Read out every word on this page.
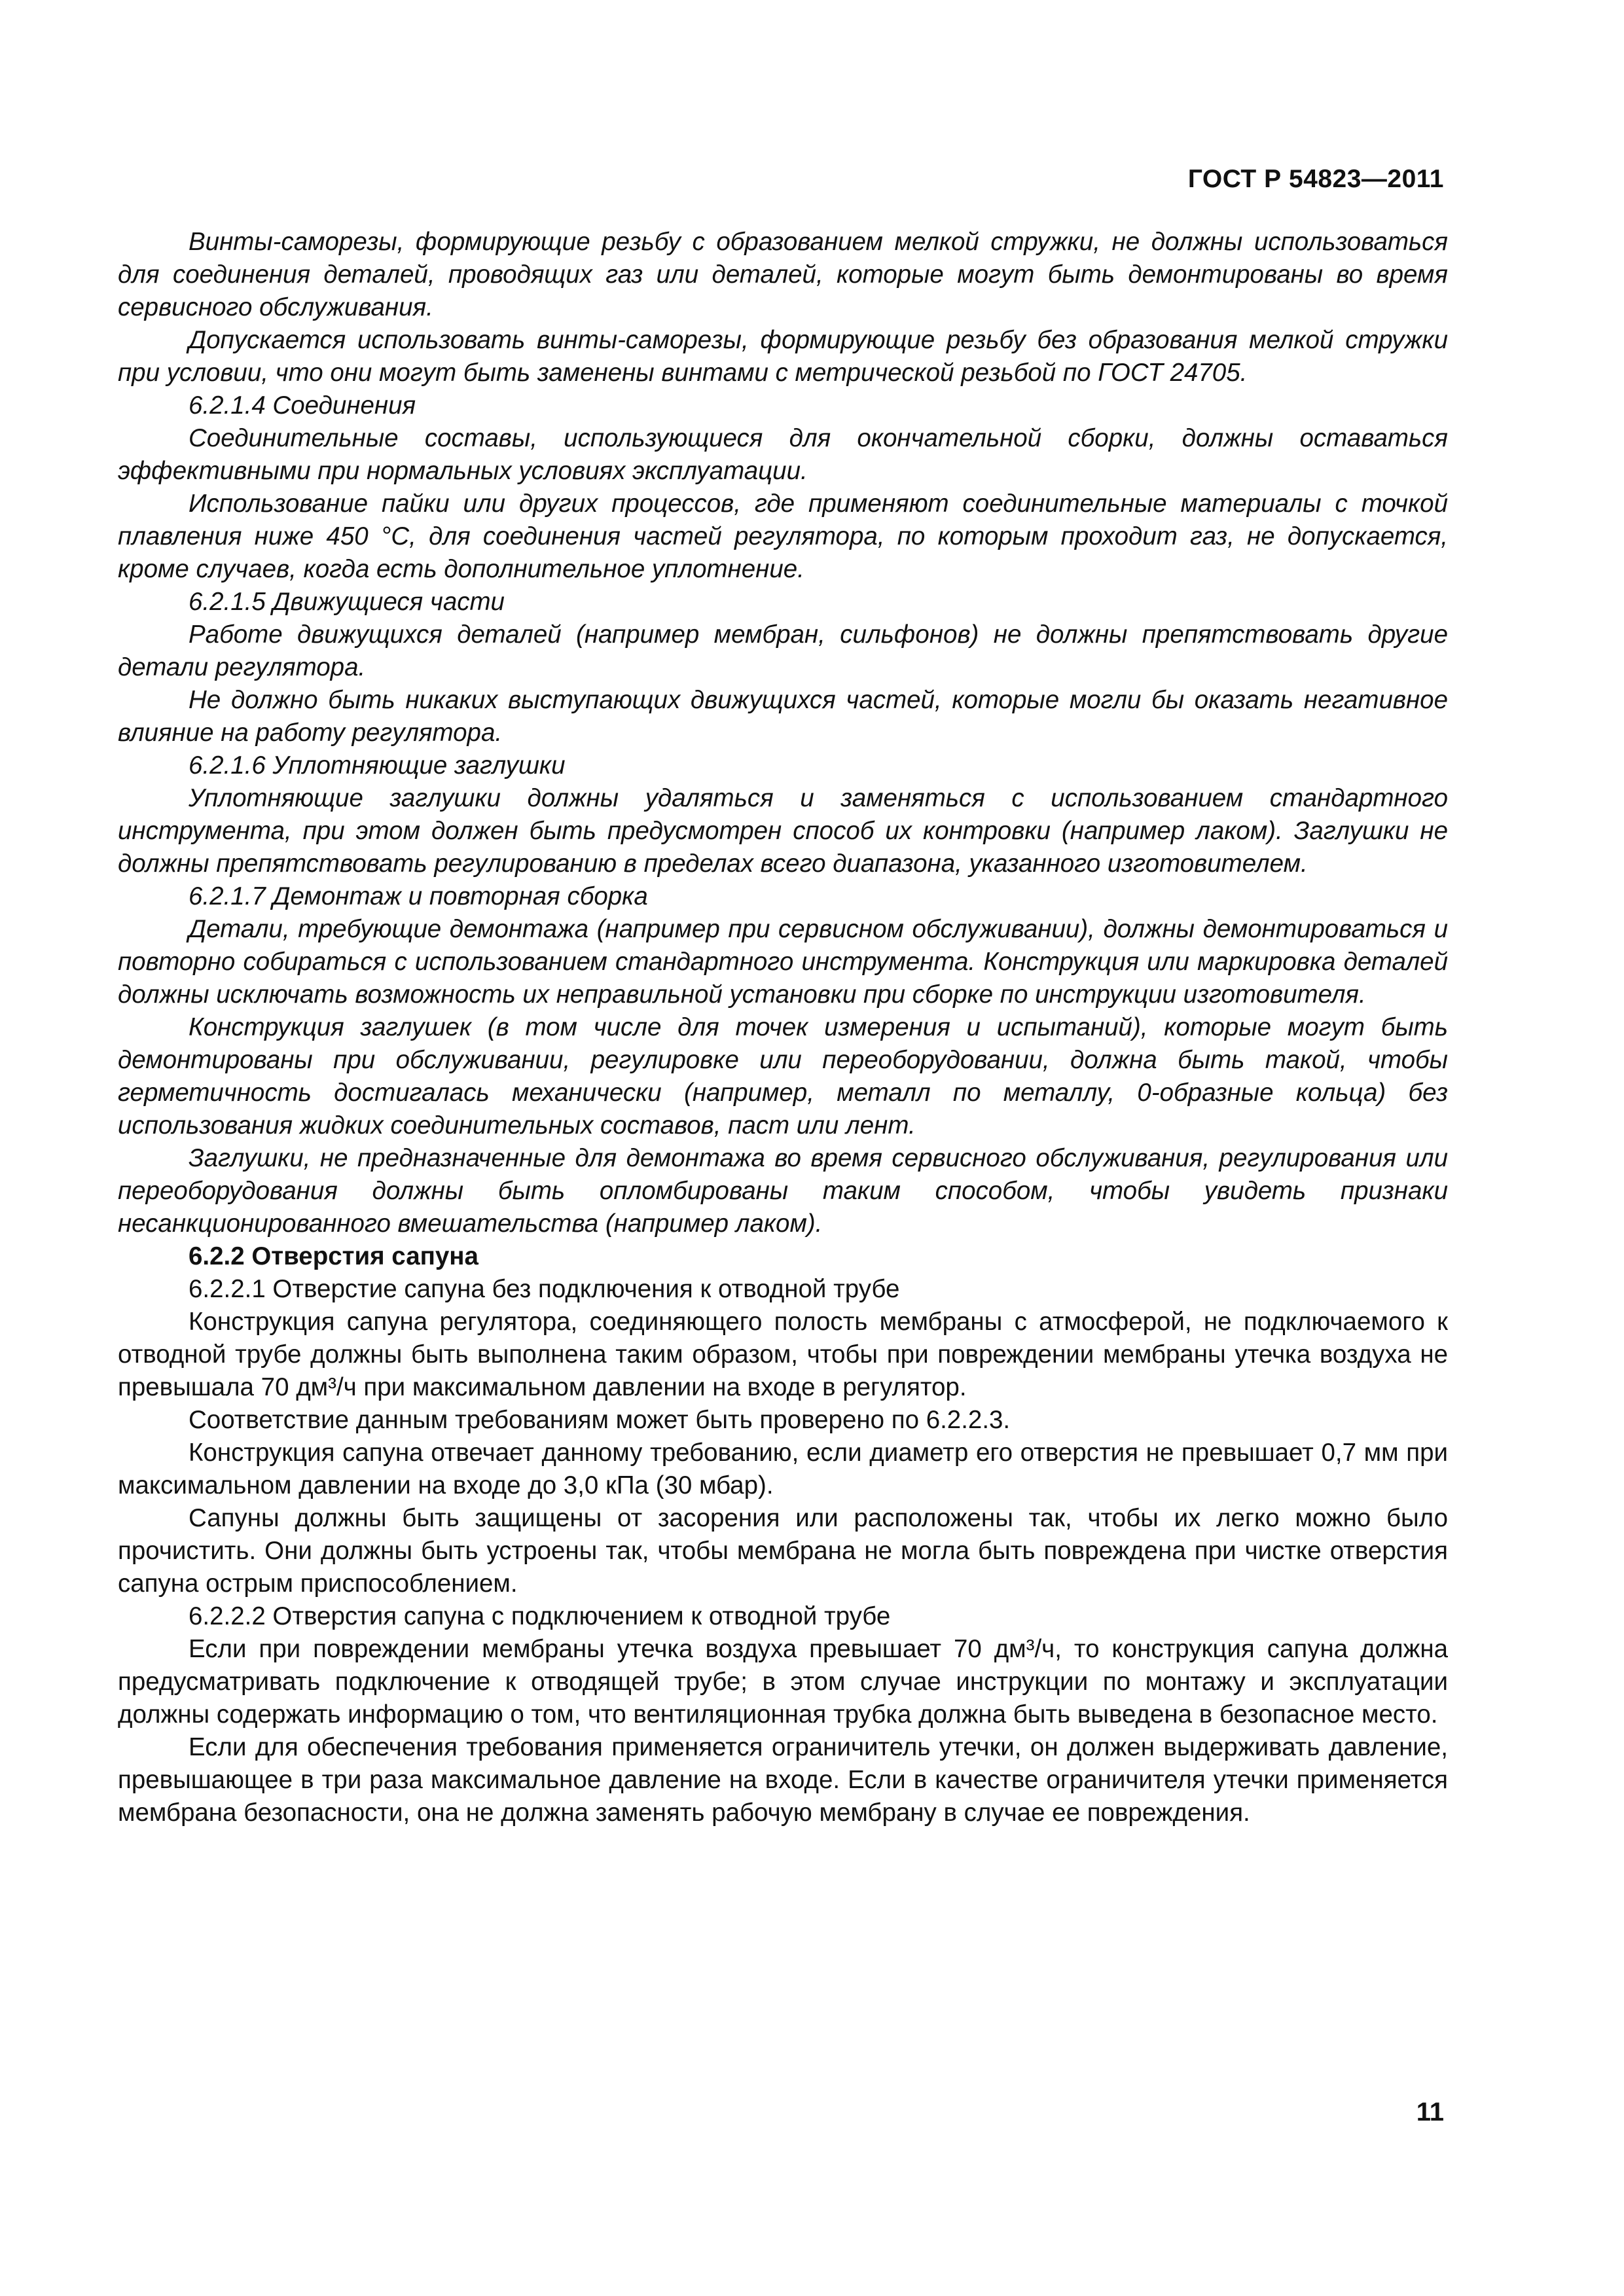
ГОСТ Р 54823—2011

Винты-саморезы, формирующие резьбу с образованием мелкой стружки, не должны использоваться для соединения деталей, проводящих газ или деталей, которые могут быть демонтированы во время сервисного обслуживания.

Допускается использовать винты-саморезы, формирующие резьбу без образования мелкой стружки при условии, что они могут быть заменены винтами с метрической резьбой по ГОСТ 24705.

6.2.1.4 Соединения

Соединительные составы, использующиеся для окончательной сборки, должны оставаться эффективными при нормальных условиях эксплуатации.

Использование пайки или других процессов, где применяют соединительные материалы с точкой плавления ниже 450 °С, для соединения частей регулятора, по которым проходит газ, не допускается, кроме случаев, когда есть дополнительное уплотнение.

6.2.1.5 Движущиеся части

Работе движущихся деталей (например мембран, сильфонов) не должны препятствовать другие детали регулятора.

Не должно быть никаких выступающих движущихся частей, которые могли бы оказать негативное влияние на работу регулятора.

6.2.1.6 Уплотняющие заглушки

Уплотняющие заглушки должны удаляться и заменяться с использованием стандартного инструмента, при этом должен быть предусмотрен способ их контровки (например лаком). Заглушки не должны препятствовать регулированию в пределах всего диапазона, указанного изготовителем.

6.2.1.7 Демонтаж и повторная сборка

Детали, требующие демонтажа (например при сервисном обслуживании), должны демонтироваться и повторно собираться с использованием стандартного инструмента. Конструкция или маркировка деталей должны исключать возможность их неправильной установки при сборке по инструкции изготовителя.

Конструкция заглушек (в том числе для точек измерения и испытаний), которые могут быть демонтированы при обслуживании, регулировке или переоборудовании, должна быть такой, чтобы герметичность достигалась механически (например, металл по металлу, 0-образные кольца) без использования жидких соединительных составов, паст или лент.

Заглушки, не предназначенные для демонтажа во время сервисного обслуживания, регулирования или переоборудования должны быть опломбированы таким способом, чтобы увидеть признаки несанкционированного вмешательства (например лаком).

6.2.2 Отверстия сапуна

6.2.2.1 Отверстие сапуна без подключения к отводной трубе

Конструкция сапуна регулятора, соединяющего полость мембраны с атмосферой, не подключаемого к отводной трубе должны быть выполнена таким образом, чтобы при повреждении мембраны утечка воздуха не превышала 70 дм³/ч при максимальном давлении на входе в регулятор.

Соответствие данным требованиям может быть проверено по 6.2.2.3.

Конструкция сапуна отвечает данному требованию, если диаметр его отверстия не превышает 0,7 мм при максимальном давлении на входе до 3,0 кПа (30 мбар).

Сапуны должны быть защищены от засорения или расположены так, чтобы их легко можно было прочистить. Они должны быть устроены так, чтобы мембрана не могла быть повреждена при чистке отверстия сапуна острым приспособлением.

6.2.2.2 Отверстия сапуна с подключением к отводной трубе

Если при повреждении мембраны утечка воздуха превышает 70 дм³/ч, то конструкция сапуна должна предусматривать подключение к отводящей трубе; в этом случае инструкции по монтажу и эксплуатации должны содержать информацию о том, что вентиляционная трубка должна быть выведена в безопасное место.

Если для обеспечения требования применяется ограничитель утечки, он должен выдерживать давление, превышающее в три раза максимальное давление на входе. Если в качестве ограничителя утечки применяется мембрана безопасности, она не должна заменять рабочую мембрану в случае ее повреждения.

11
